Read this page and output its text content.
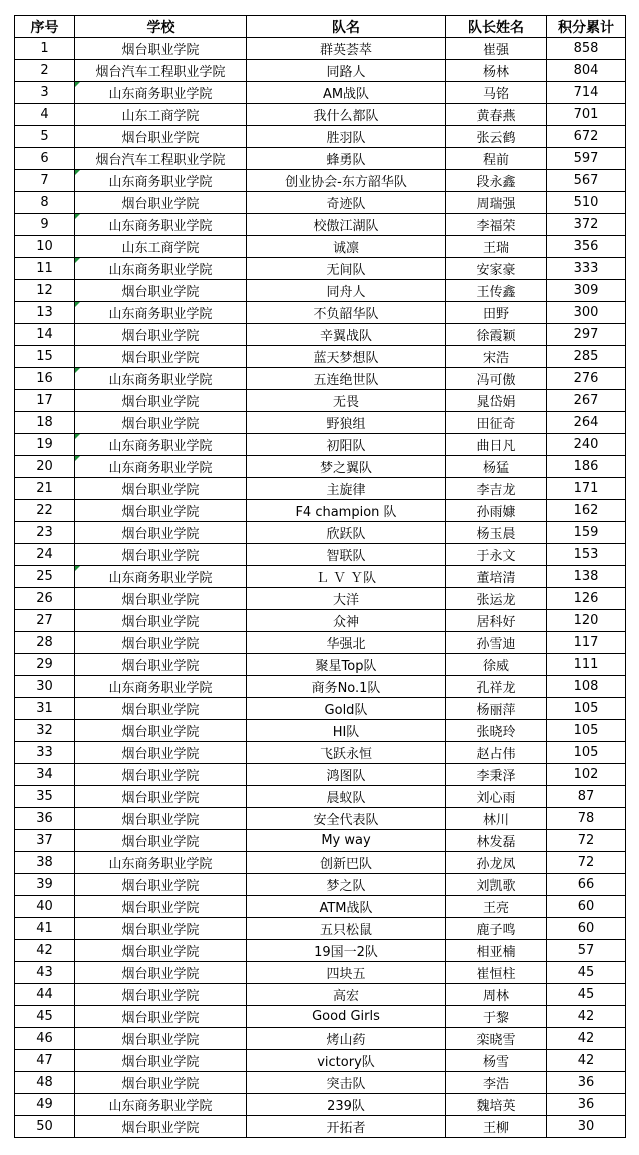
序号	学校	队名	队长姓名	积分累计
1	烟台职业学院	群英荟萃	崔强	858
2	烟台汽车工程职业学院	同路人	杨林	804
3	山东商务职业学院	AM战队	马铭	714
4	山东工商学院	我什么都队	黄春燕	701
5	烟台职业学院	胜羽队	张云鹤	672
6	烟台汽车工程职业学院	蜂勇队	程前	597
7	山东商务职业学院	创业协会-东方韶华队	段永鑫	567
8	烟台职业学院	奇迹队	周瑞强	510
9	山东商务职业学院	校傲江湖队	李福荣	372
10	山东工商学院	诚凛	王瑞	356
11	山东商务职业学院	无间队	安家豪	333
12	烟台职业学院	同舟人	王传鑫	309
13	山东商务职业学院	不负韶华队	田野	300
14	烟台职业学院	辛翼战队	徐霞颖	297
15	烟台职业学院	蓝天梦想队	宋浩	285
16	山东商务职业学院	五连绝世队	冯可傲	276
17	烟台职业学院	无畏	晁岱娟	267
18	烟台职业学院	野狼组	田征奇	264
19	山东商务职业学院	初阳队	曲日凡	240
20	山东商务职业学院	梦之翼队	杨猛	186
21	烟台职业学院	主旋律	李吉龙	171
22	烟台职业学院	F4 champion 队	孙雨嫝	162
23	烟台职业学院	欣跃队	杨玉晨	159
24	烟台职业学院	智联队	于永文	153
25	山东商务职业学院	Ｌ Ｖ Ｙ队	董培清	138
26	烟台职业学院	大洋	张运龙	126
27	烟台职业学院	众神	居科好	120
28	烟台职业学院	华强北	孙雪迪	117
29	烟台职业学院	聚星Top队	徐威	111
30	山东商务职业学院	商务No.1队	孔祥龙	108
31	烟台职业学院	Gold队	杨丽萍	105
32	烟台职业学院	HI队	张晓玲	105
33	烟台职业学院	飞跃永恒	赵占伟	105
34	烟台职业学院	鸿图队	李秉泽	102
35	烟台职业学院	晨蚁队	刘心雨	87
36	烟台职业学院	安全代表队	林川	78
37	烟台职业学院	My way	林发磊	72
38	山东商务职业学院	创新巴队	孙龙凤	72
39	烟台职业学院	梦之队	刘凯歌	66
40	烟台职业学院	ATM战队	王亮	60
41	烟台职业学院	五只松鼠	鹿子鸣	60
42	烟台职业学院	19国一2队	相亚楠	57
43	烟台职业学院	四块五	崔恒柱	45
44	烟台职业学院	高宏	周林	45
45	烟台职业学院	Good Girls	于黎	42
46	烟台职业学院	烤山药	栾晓雪	42
47	烟台职业学院	victory队	杨雪	42
48	烟台职业学院	突击队	李浩	36
49	山东商务职业学院	239队	魏培英	36
50	烟台职业学院	开拓者	王柳	30
